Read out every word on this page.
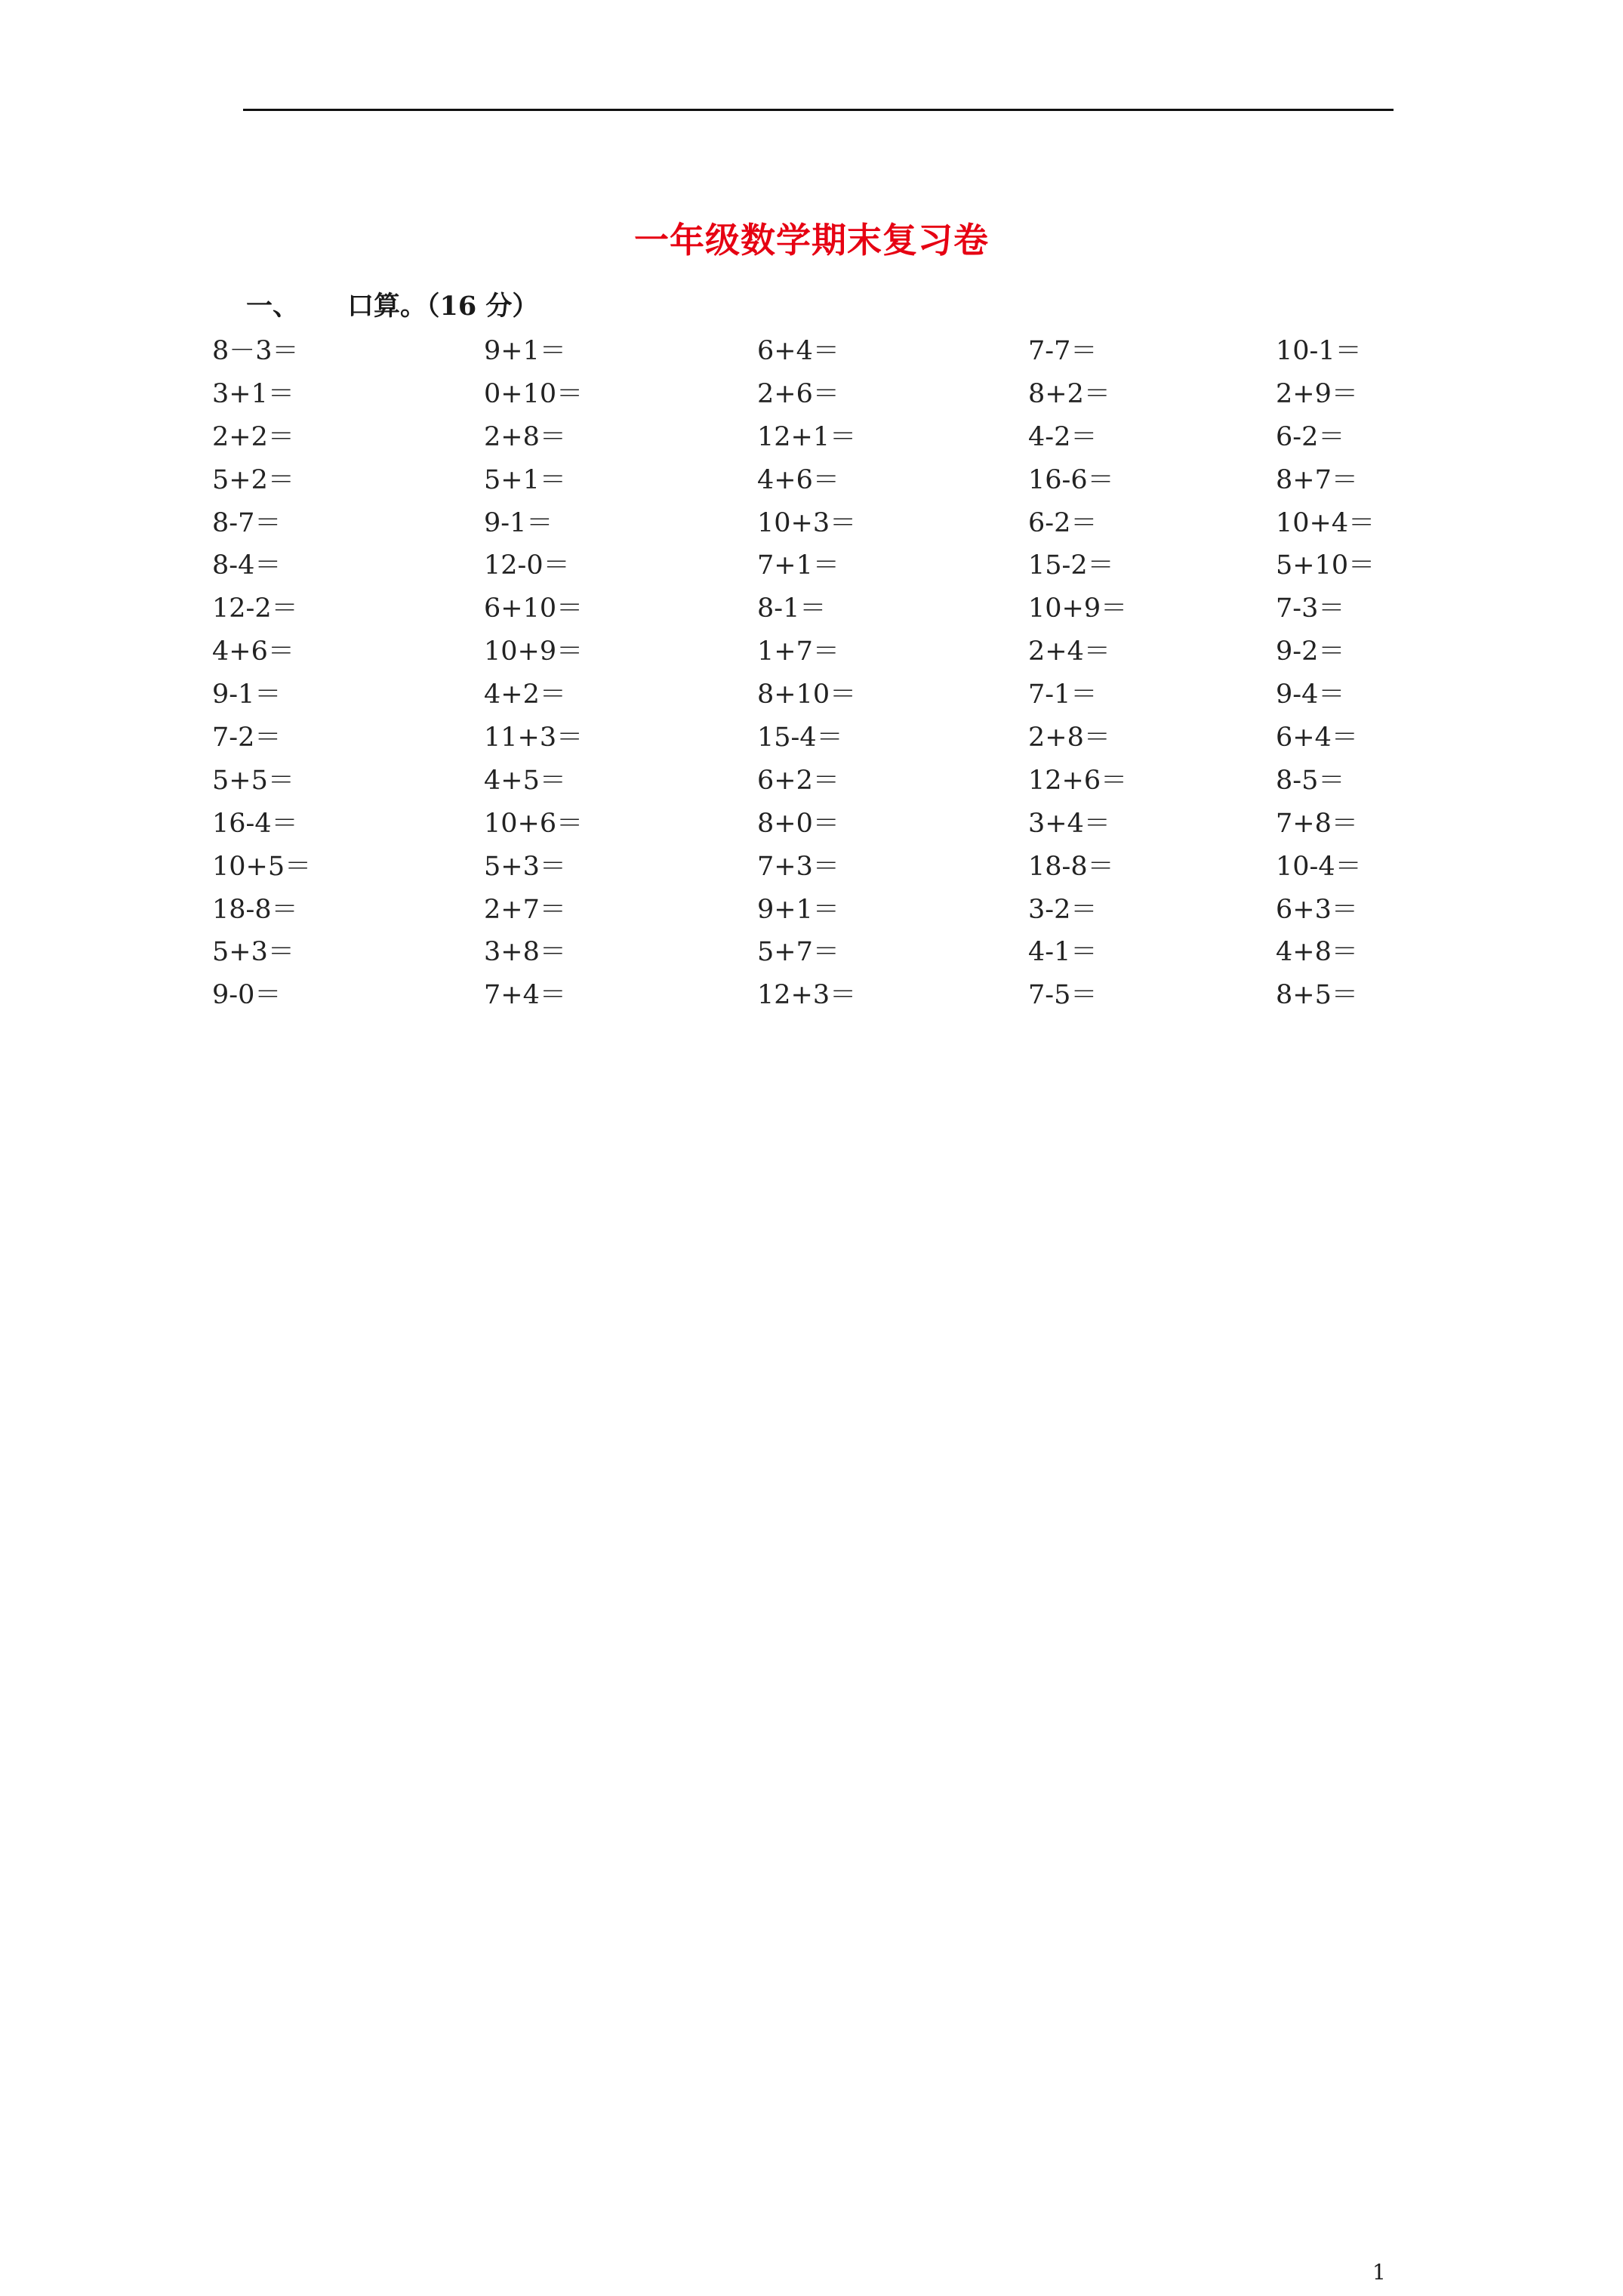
一年级数学期末复习卷
一、 口算。（16 分）
8－3＝	9+1＝	6+4＝	7-7＝	10-1＝
3+1＝	0+10＝	2+6＝	8+2＝	2+9＝
2+2＝	2+8＝	12+1＝	4-2＝	6-2＝
5+2＝	5+1＝	4+6＝	16-6＝	8+7＝
8-7＝	9-1＝	10+3＝	6-2＝	10+4＝
8-4＝	12-0＝	7+1＝	15-2＝	5+10＝
12-2＝	6+10＝	8-1＝	10+9＝	7-3＝
4+6＝	10+9＝	1+7＝	2+4＝	9-2＝
9-1＝	4+2＝	8+10＝	7-1＝	9-4＝
7-2＝	11+3＝	15-4＝	2+8＝	6+4＝
5+5＝	4+5＝	6+2＝	12+6＝	8-5＝
16-4＝	10+6＝	8+0＝	3+4＝	7+8＝
10+5＝	5+3＝	7+3＝	18-8＝	10-4＝
18-8＝	2+7＝	9+1＝	3-2＝	6+3＝
5+3＝	3+8＝	5+7＝	4-1＝	4+8＝
9-0＝	7+4＝	12+3＝	7-5＝	8+5＝
1
